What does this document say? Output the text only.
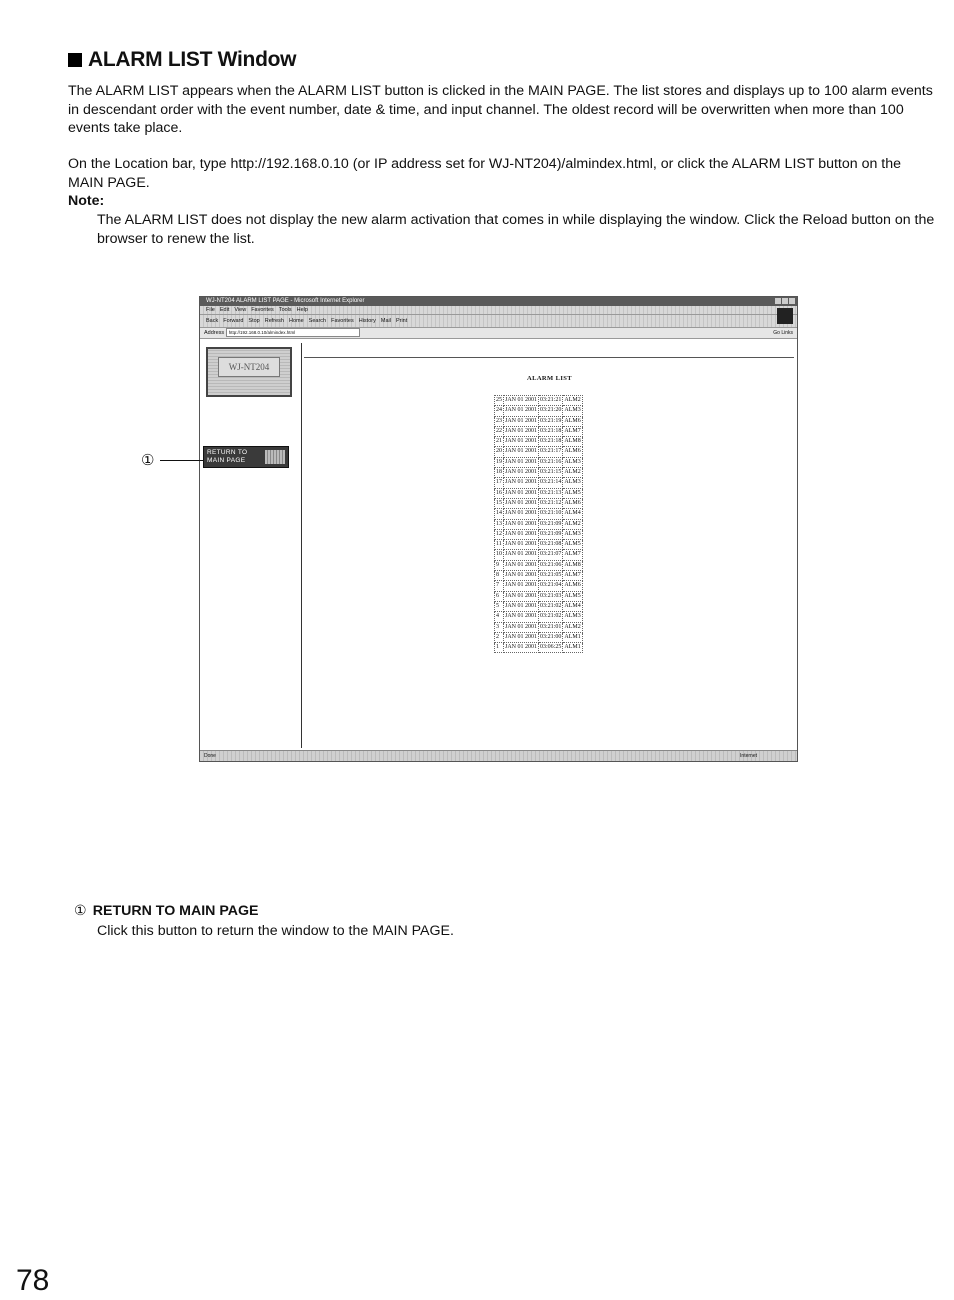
ALARM LIST Window
The ALARM LIST appears when the ALARM LIST button is clicked in the MAIN PAGE. The list stores and displays up to 100 alarm events in descendant order with the event number, date & time, and input channel. The oldest record will be overwritten when more than 100 events take place.
On the Location bar, type http://192.168.0.10 (or IP address set for WJ-NT204)/almindex.html, or click the ALARM LIST button on the MAIN PAGE.
Note:
The ALARM LIST does not display the new alarm activation that comes in while displaying the window. Click the Reload button on the browser to renew the list.
WJ-NT204 ALARM LIST PAGE - Microsoft Internet Explorer
File Edit View Favorites Tools Help
Back Forward Stop Refresh Home Search Favorites History Mail Print
Address http://192.168.0.10/almindex.html	Go Links
WJ-NT204
RETURN TO
MAIN PAGE
ALARM LIST
25	JAN 01 2001	03:21:21	ALM2
24	JAN 01 2001	03:21:20	ALM3
23	JAN 01 2001	03:21:19	ALM6
22	JAN 01 2001	03:21:18	ALM7
21	JAN 01 2001	03:21:18	ALM8
20	JAN 01 2001	03:21:17	ALM6
19	JAN 01 2001	03:21:16	ALM3
18	JAN 01 2001	03:21:15	ALM2
17	JAN 01 2001	03:21:14	ALM3
16	JAN 01 2001	03:21:13	ALM5
15	JAN 01 2001	03:21:12	ALM6
14	JAN 01 2001	03:21:10	ALM4
13	JAN 01 2001	03:21:09	ALM2
12	JAN 01 2001	03:21:09	ALM3
11	JAN 01 2001	03:21:08	ALM5
10	JAN 01 2001	03:21:07	ALM7
9	JAN 01 2001	03:21:06	ALM8
8	JAN 01 2001	03:21:05	ALM7
7	JAN 01 2001	03:21:04	ALM6
6	JAN 01 2001	03:21:03	ALM5
5	JAN 01 2001	03:21:02	ALM4
4	JAN 01 2001	03:21:02	ALM3
3	JAN 01 2001	03:21:01	ALM2
2	JAN 01 2001	03:21:00	ALM1
1	JAN 01 2001	03:06:25	ALM1
Done	Internet
①
① RETURN TO MAIN PAGE
Click this button to return the window to the MAIN PAGE.
78
